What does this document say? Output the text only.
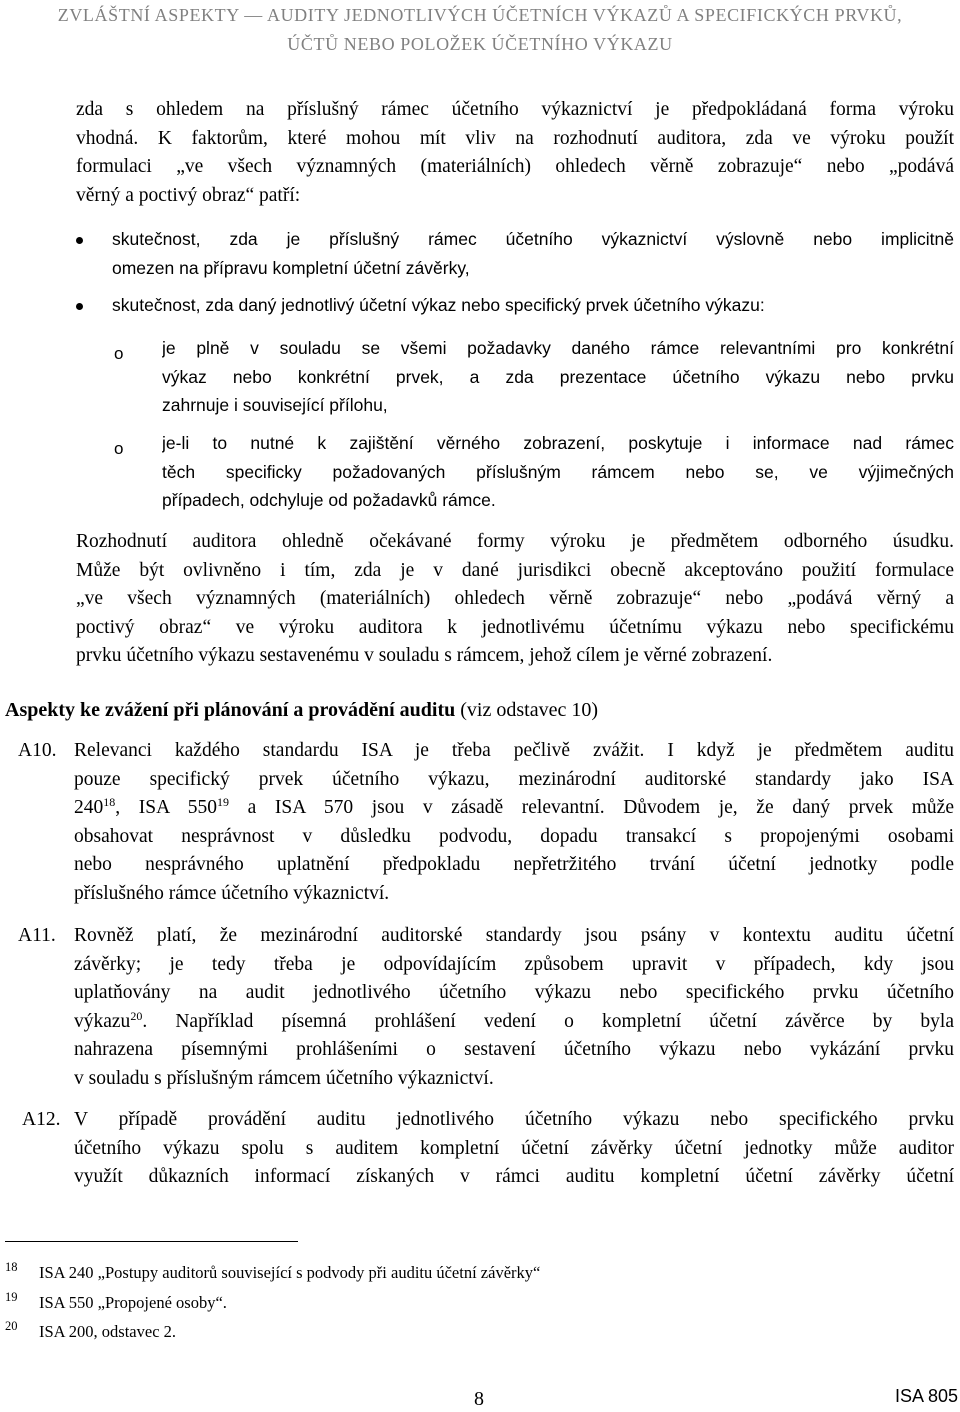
ZVLÁŠTNÍ ASPEKTY — AUDITY JEDNOTLIVÝCH ÚČETNÍCH VÝKAZŮ A SPECIFICKÝCH PRVKŮ,
ÚČTŮ NEBO POLOŽEK ÚČETNÍHO VÝKAZU
zda s ohledem na příslušný rámec účetního výkaznictví je předpokládaná forma výroku
vhodná. K faktorům, které mohou mít vliv na rozhodnutí auditora, zda ve výroku použít
formulaci „ve všech významných (materiálních) ohledech věrně zobrazuje“ nebo „podává
věrný a poctivý obraz“ patří:
skutečnost, zda je příslušný rámec účetního výkaznictví výslovně nebo implicitně
omezen na přípravu kompletní účetní závěrky,
skutečnost, zda daný jednotlivý účetní výkaz nebo specifický prvek účetního výkazu:
o je plně v souladu se všemi požadavky daného rámce relevantními pro konkrétní
výkaz nebo konkrétní prvek, a zda prezentace účetního výkazu nebo prvku
zahrnuje i související přílohu,
o je-li to nutné k zajištění věrného zobrazení, poskytuje i informace nad rámec
těch specificky požadovaných příslušným rámcem nebo se, ve výjimečných
případech, odchyluje od požadavků rámce.
Rozhodnutí auditora ohledně očekávané formy výroku je předmětem odborného úsudku.
Může být ovlivněno i tím, zda je v dané jurisdikci obecně akceptováno použití formulace
„ve všech významných (materiálních) ohledech věrně zobrazuje“ nebo „podává věrný a
poctivý obraz“ ve výroku auditora k jednotlivému účetnímu výkazu nebo specifickému
prvku účetního výkazu sestavenému v souladu s rámcem, jehož cílem je věrné zobrazení.
Aspekty ke zvážení při plánování a provádění auditu (viz odstavec 10)
A10. Relevanci každého standardu ISA je třeba pečlivě zvážit. I když je předmětem auditu
pouze specifický prvek účetního výkazu, mezinárodní auditorské standardy jako ISA
$240^{18}$, ISA $550^{19}$ a ISA 570 jsou v zásadě relevantní. Důvodem je, že daný prvek může
obsahovat nesprávnost v důsledku podvodu, dopadu transakcí s propojenými osobami
nebo nesprávného uplatnění předpokladu nepřetržitého trvání účetní jednotky podle
příslušného rámce účetního výkaznictví.
A11. Rovněž platí, že mezinárodní auditorské standardy jsou psány v kontextu auditu účetní
závěrky; je tedy třeba je odpovídajícím způsobem upravit v případech, kdy jsou
uplatňovány na audit jednotlivého účetního výkazu nebo specifického prvku účetního
výkazu$^{20}$. Například písemná prohlášení vedení o kompletní účetní závěrce by byla
nahrazena písemnými prohlášeními o sestavení účetního výkazu nebo vykázání prvku
v souladu s příslušným rámcem účetního výkaznictví.
A12. V případě provádění auditu jednotlivého účetního výkazu nebo specifického prvku
účetního výkazu spolu s auditem kompletní účetní závěrky účetní jednotky může auditor
využít důkazních informací získaných v rámci auditu kompletní účetní závěrky účetní
18 ISA 240 „Postupy auditorů související s podvody při auditu účetní závěrky“
19 ISA 550 „Propojené osoby“.
20 ISA 200, odstavec 2.
8	ISA 805
